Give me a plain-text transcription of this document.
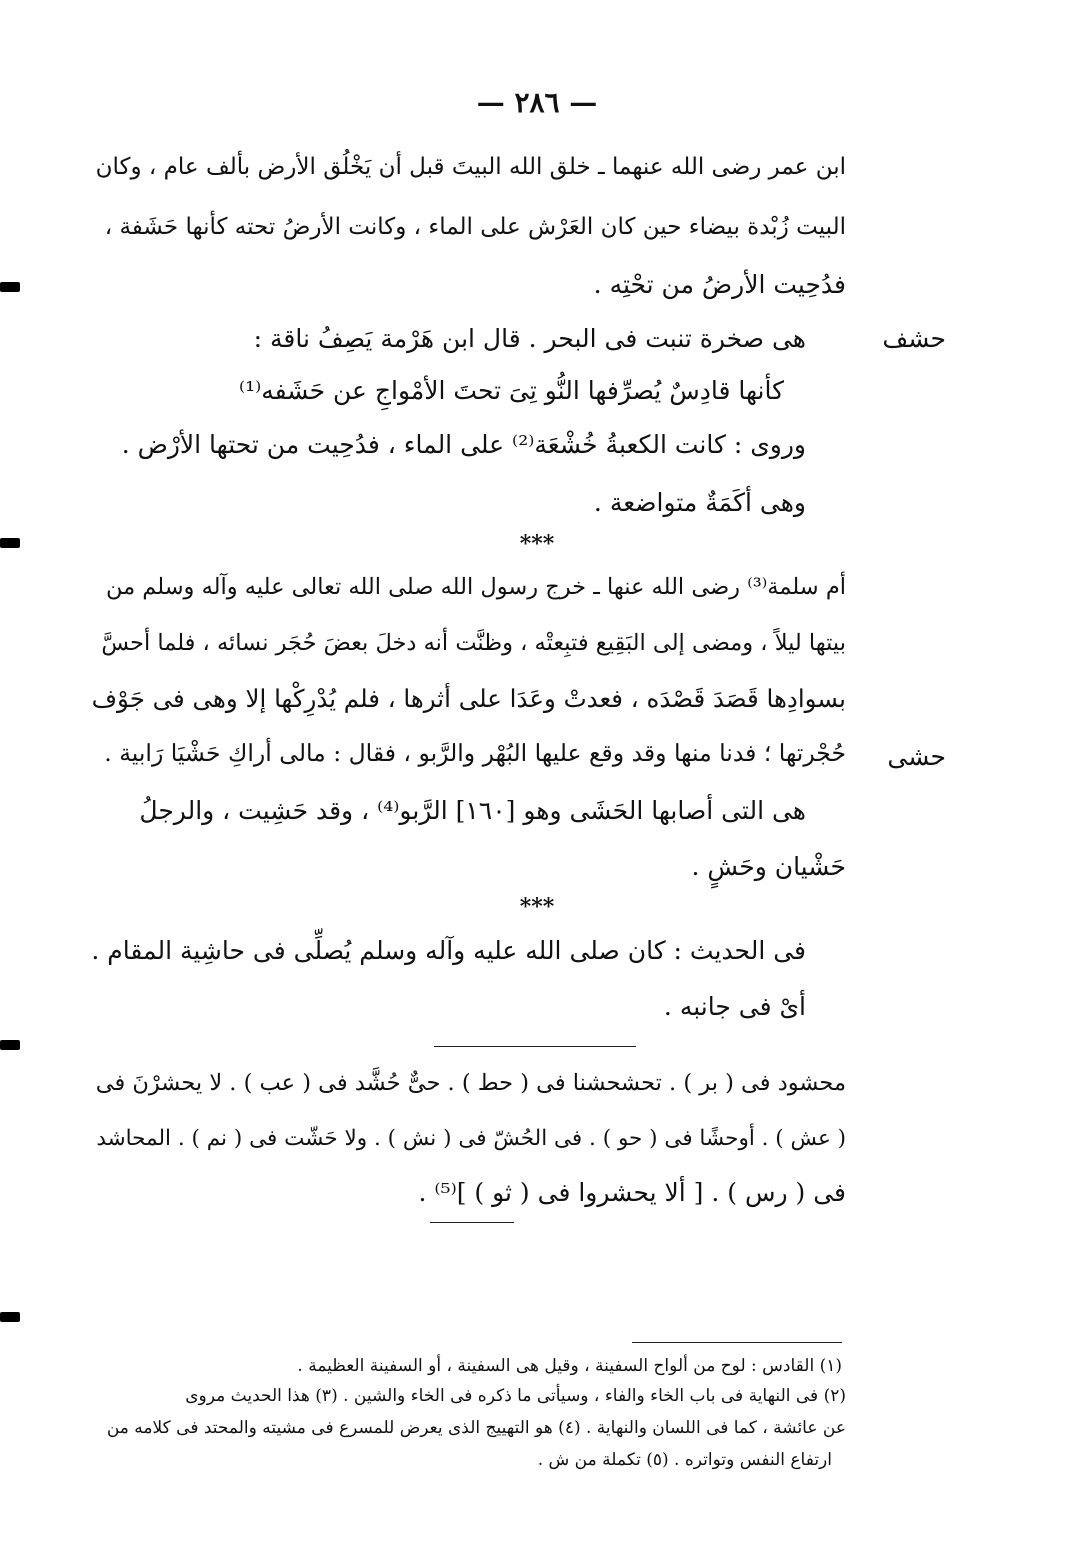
— ٢٨٦ —
ابن عمر رضى الله عنهما ـ خلق الله البيتَ قبل أن يَخْلُق الأرض بألف عام ، وكان
البيت زُبْدة بيضاء حين كان العَرْش على الماء ، وكانت الأرضُ تحته كأنها حَشَفة ،
فدُحِيت الأرضُ من تحْتِه .
حشف
هى صخرة تنبت فى البحر . قال ابن هَرْمة يَصِفُ ناقة :
كأنها قادِسٌ يُصرِّفها النُّو تِىَ تحتَ الأمْواجِ عن حَشَفه⁽¹⁾
وروى : كانت الكعبةُ خُشْعَة⁽²⁾ على الماء ، فدُحِيت من تحتها الأرْض .
وهى أكَمَةٌ متواضعة .
***
حشى
أم سلمة⁽³⁾ رضى الله عنها ـ خرج رسول الله صلى الله تعالى عليه وآله وسلم من
بيتها ليلاً ، ومضى إلى البَقِيع فتبِعتْه ، وظنَّت أنه دخلَ بعضَ حُجَر نسائه ، فلما أحسَّ
بسوادِها قَصَدَ قَصْدَه ، فعدتْ وعَدَا على أثرها ، فلم يُدْرِكْها إلا وهى فى جَوْف
حُجْرتها ؛ فدنا منها وقد وقع عليها البُهْر والرَّبو ، فقال : مالى أراكِ حَشْيَا رَابية .
هى التى أصابها الحَشَى وهو [١٦٠] الرَّبو⁽⁴⁾ ، وقد حَشِيت ، والرجلُ
حَشْيان وحَشٍ .
***
فى الحديث : كان صلى الله عليه وآله وسلم يُصلِّى فى حاشِية المقام .
أىْ فى جانبه .
محشود فى ( بر ) . تحشحشنا فى ( حط ) . حىٌّ حُشَّد فى ( عب ) . لا يحشرْنَ فى
( عش ) . أوحشًا فى ( حو ) . فى الحُشّ فى ( نش ) . ولا حَشّت فى ( نم ) . المحاشد
فى ( رس ) . [ ألا يحشروا فى ( ثو ) ]⁽⁵⁾ .
(١) القادس : لوح من ألواح السفينة ، وقيل هى السفينة ، أو السفينة العظيمة .
(٢) فى النهاية فى باب الخاء والفاء ، وسيأتى ما ذكره فى الخاء والشين . (٣) هذا الحديث مروى
عن عائشة ، كما فى اللسان والنهاية . (٤) هو التهييج الذى يعرض للمسرع فى مشيته والمحتد فى كلامه من
ارتفاع النفس وتواتره . (٥) تكملة من ش .
